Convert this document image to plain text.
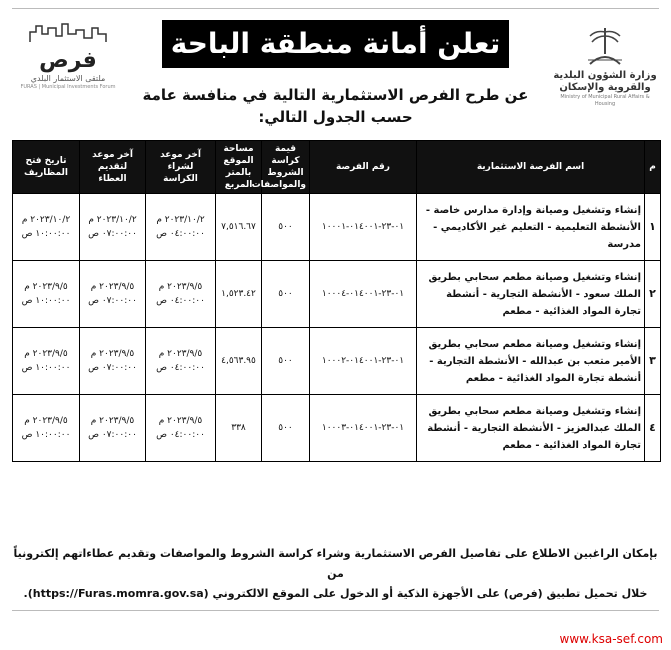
وزارة الشؤون البلدية
والقروية والإسكان
Ministry of Municipal Rural Affairs & Housing
تعلن أمانة منطقة الباحة
عن طرح الفرص الاستثمارية التالية في منافسة عامة حسب الجدول التالي:
فرص
ملتقى الاستثمار البلدي
FURAS | Municipal Investments Forum
م	اسم الفرصة الاستثمارية	رقم الفرصة	قيمة كراسة الشروط والمواصفات	مساحة الموقع بالمتر المربع	آخر موعد لشراء الكراسة	آخر موعد لتقديم العطاء	تاريخ فتح المظاريف
١	إنشاء وتشغيل وصيانة وإدارة مدارس خاصة - الأنشطة التعليمية - التعليم غير الأكاديمي - مدرسة	٠١-٢٣-٠١٤٠٠١-١٠٠٠١	٥٠٠	٧,٥١٦.٦٧	٢٠٢٣/١٠/٢ م ٠٤:٠٠:٠٠ ص	٢٠٢٣/١٠/٢ م ٠٧:٠٠:٠٠ ص	٢٠٢٣/١٠/٢ م ١٠:٠٠:٠٠ ص
٢	إنشاء وتشغيل وصيانة مطعم سحابي بطريق الملك سعود - الأنشطة التجارية - أنشطة تجارة المواد الغذائية - مطعم	٠١-٢٣-٠١٤٠٠١-١٠٠٠٤	٥٠٠	١,٥٢٣.٤٢	٢٠٢٣/٩/٥ م ٠٤:٠٠:٠٠ ص	٢٠٢٣/٩/٥ م ٠٧:٠٠:٠٠ ص	٢٠٢٣/٩/٥ م ١٠:٠٠:٠٠ ص
٣	إنشاء وتشغيل وصيانة مطعم سحابي بطريق الأمير متعب بن عبدالله - الأنشطة التجارية - أنشطة تجارة المواد الغذائية - مطعم	٠١-٢٣-٠١٤٠٠١-١٠٠٠٢	٥٠٠	٤,٥٦٣.٩٥	٢٠٢٣/٩/٥ م ٠٤:٠٠:٠٠ ص	٢٠٢٣/٩/٥ م ٠٧:٠٠:٠٠ ص	٢٠٢٣/٩/٥ م ١٠:٠٠:٠٠ ص
٤	إنشاء وتشغيل وصيانة مطعم سحابي بطريق الملك عبدالعزيز - الأنشطة التجارية - أنشطة تجارة المواد الغذائية - مطعم	٠١-٢٣-٠١٤٠٠١-١٠٠٠٣	٥٠٠	٣٣٨	٢٠٢٣/٩/٥ م ٠٤:٠٠:٠٠ ص	٢٠٢٣/٩/٥ م ٠٧:٠٠:٠٠ ص	٢٠٢٣/٩/٥ م ١٠:٠٠:٠٠ ص
بإمكان الراغبين الاطلاع على تفاصيل الفرص الاستثمارية وشراء كراسة الشروط والمواصفات وتقديم عطاءاتهم إلكترونياً من
خلال تحميل تطبيق (فرص) على الأجهزة الذكية أو الدخول على الموقع الالكتروني (https://Furas.momra.gov.sa).
www.ksa-sef.com
